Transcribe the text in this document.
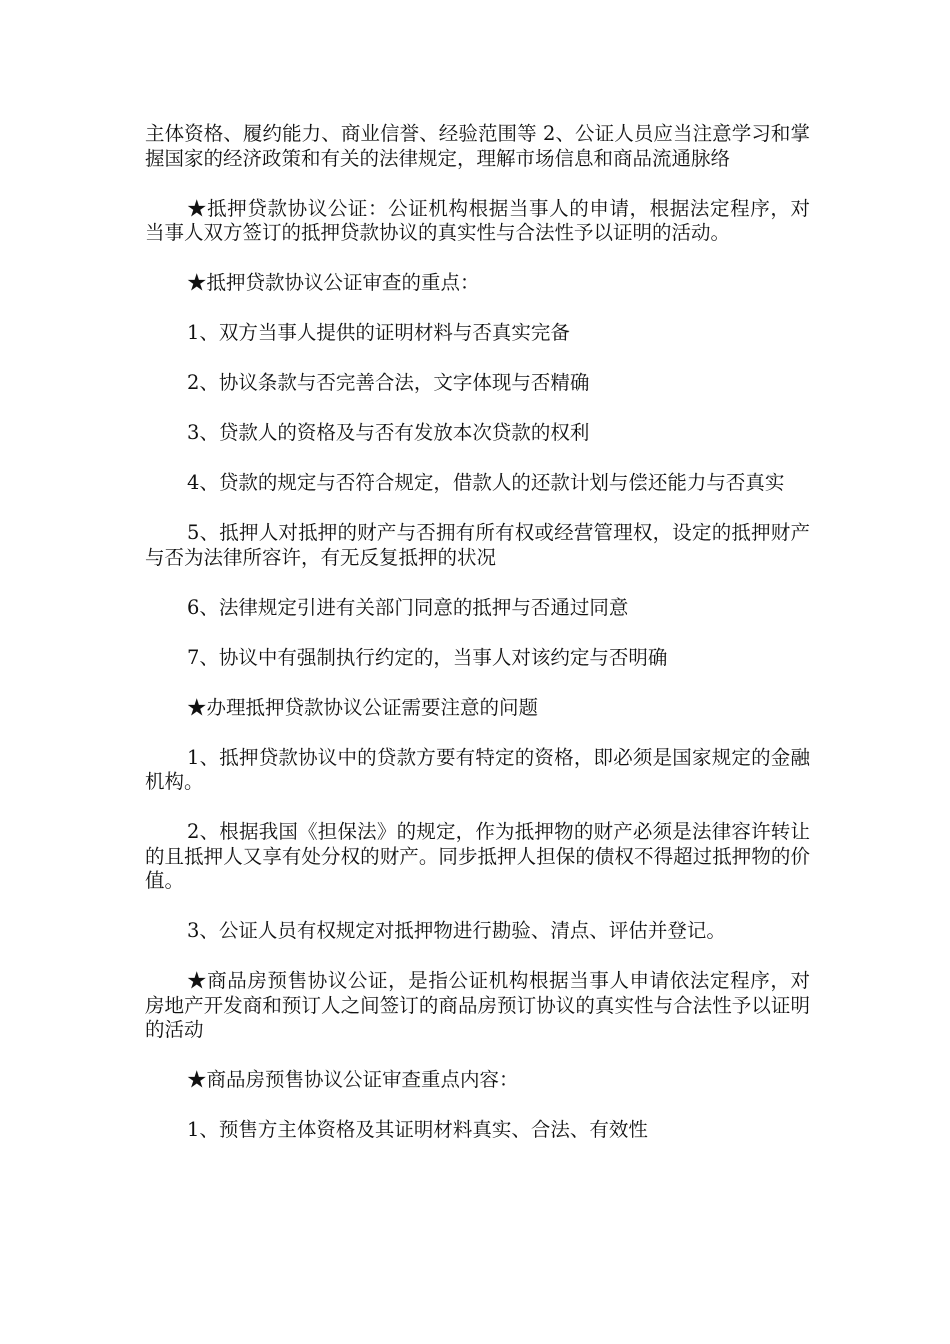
主体资格、履约能力、商业信誉、经验范围等 2、公证人员应当注意学习和掌握国家的经济政策和有关的法律规定，理解市场信息和商品流通脉络

★抵押贷款协议公证：公证机构根据当事人的申请，根据法定程序，对当事人双方签订的抵押贷款协议的真实性与合法性予以证明的活动。

★抵押贷款协议公证审查的重点：

1、双方当事人提供的证明材料与否真实完备

2、协议条款与否完善合法，文字体现与否精确

3、贷款人的资格及与否有发放本次贷款的权利

4、贷款的规定与否符合规定，借款人的还款计划与偿还能力与否真实

5、抵押人对抵押的财产与否拥有所有权或经营管理权，设定的抵押财产与否为法律所容许，有无反复抵押的状况

6、法律规定引进有关部门同意的抵押与否通过同意

7、协议中有强制执行约定的，当事人对该约定与否明确

★办理抵押贷款协议公证需要注意的问题

1、抵押贷款协议中的贷款方要有特定的资格，即必须是国家规定的金融机构。

2、根据我国《担保法》的规定，作为抵押物的财产必须是法律容许转让的且抵押人又享有处分权的财产。同步抵押人担保的债权不得超过抵押物的价值。

3、公证人员有权规定对抵押物进行勘验、清点、评估并登记。

★商品房预售协议公证，是指公证机构根据当事人申请依法定程序，对房地产开发商和预订人之间签订的商品房预订协议的真实性与合法性予以证明的活动

★商品房预售协议公证审查重点内容：

1、预售方主体资格及其证明材料真实、合法、有效性
